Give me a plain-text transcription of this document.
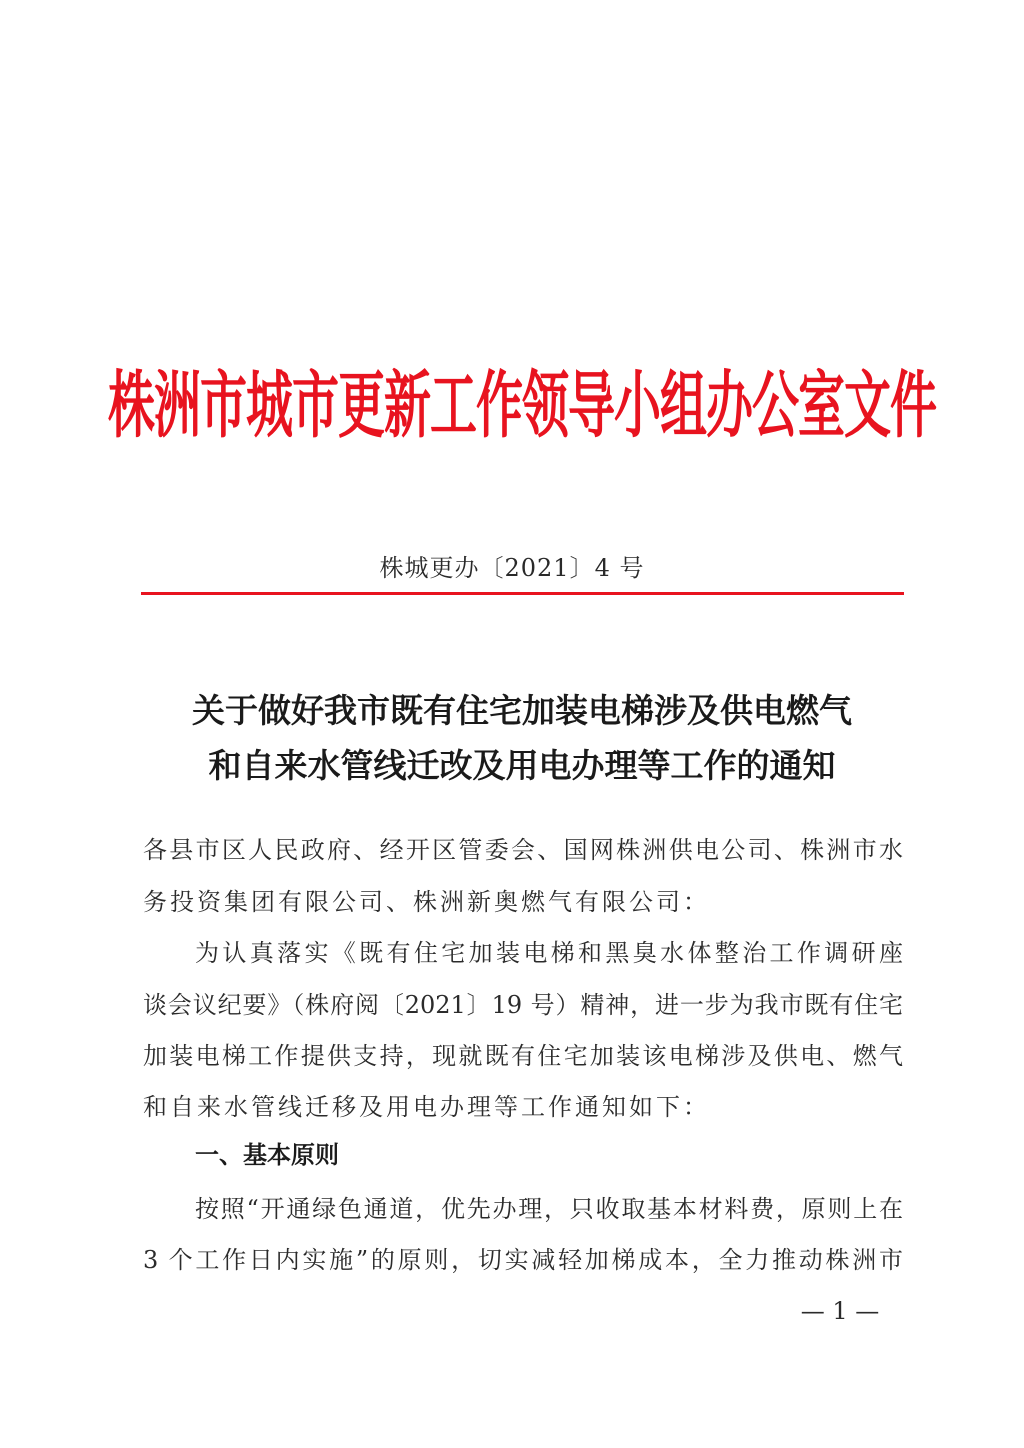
株洲市城市更新工作领导小组办公室文件
株城更办〔2021〕4 号
关于做好我市既有住宅加装电梯涉及供电燃气
和自来水管线迁改及用电办理等工作的通知
各县市区人民政府、经开区管委会、国网株洲供电公司、株洲市水
务投资集团有限公司、株洲新奥燃气有限公司：
为认真落实《既有住宅加装电梯和黑臭水体整治工作调研座
谈会议纪要》（株府阅〔2021〕19 号）精神，进一步为我市既有住宅
加装电梯工作提供支持，现就既有住宅加装该电梯涉及供电、燃气
和自来水管线迁移及用电办理等工作通知如下：
一、基本原则
按照“开通绿色通道，优先办理，只收取基本材料费，原则上在
3 个工作日内实施”的原则，切实减轻加梯成本，全力推动株洲市
— 1 —
